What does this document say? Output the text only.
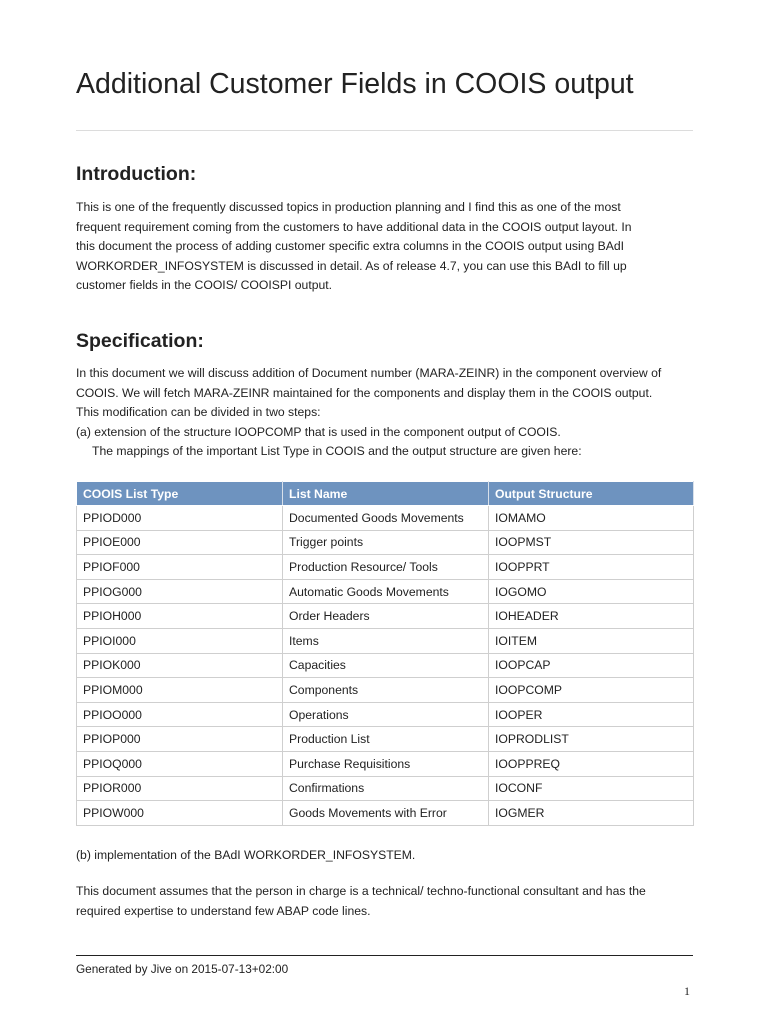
Additional Customer Fields in COOIS output
Introduction:
This is one of the frequently discussed topics in production planning and I find this as one of the most
frequent requirement coming from the customers to have additional data in the COOIS output layout. In
this document the process of adding customer specific extra columns in the COOIS output using BAdI
WORKORDER_INFOSYSTEM is discussed in detail. As of release 4.7, you can use this BAdI to fill up
customer fields in the COOIS/ COOISPI output.
Specification:
In this document we will discuss addition of Document number (MARA-ZEINR) in the component overview of
COOIS. We will fetch MARA-ZEINR maintained for the components and display them in the COOIS output.
This modification can be divided in two steps:
(a) extension of the structure IOOPCOMP that is used in the component output of COOIS.
The mappings of the important List Type in COOIS and the output structure are given here:
COOIS List Type	List Name	Output Structure
PPIOD000	Documented Goods Movements	IOMAMO
PPIOE000	Trigger points	IOOPMST
PPIOF000	Production Resource/ Tools	IOOPPRT
PPIOG000	Automatic Goods Movements	IOGOMO
PPIOH000	Order Headers	IOHEADER
PPIOI000	Items	IOITEM
PPIOK000	Capacities	IOOPCAP
PPIOM000	Components	IOOPCOMP
PPIOO000	Operations	IOOPER
PPIOP000	Production List	IOPRODLIST
PPIOQ000	Purchase Requisitions	IOOPPREQ
PPIOR000	Confirmations	IOCONF
PPIOW000	Goods Movements with Error	IOGMER
(b) implementation of the BAdI WORKORDER_INFOSYSTEM.
This document assumes that the person in charge is a technical/ techno-functional consultant and has the
required expertise to understand few ABAP code lines.
Generated by Jive on 2015-07-13+02:00
1
